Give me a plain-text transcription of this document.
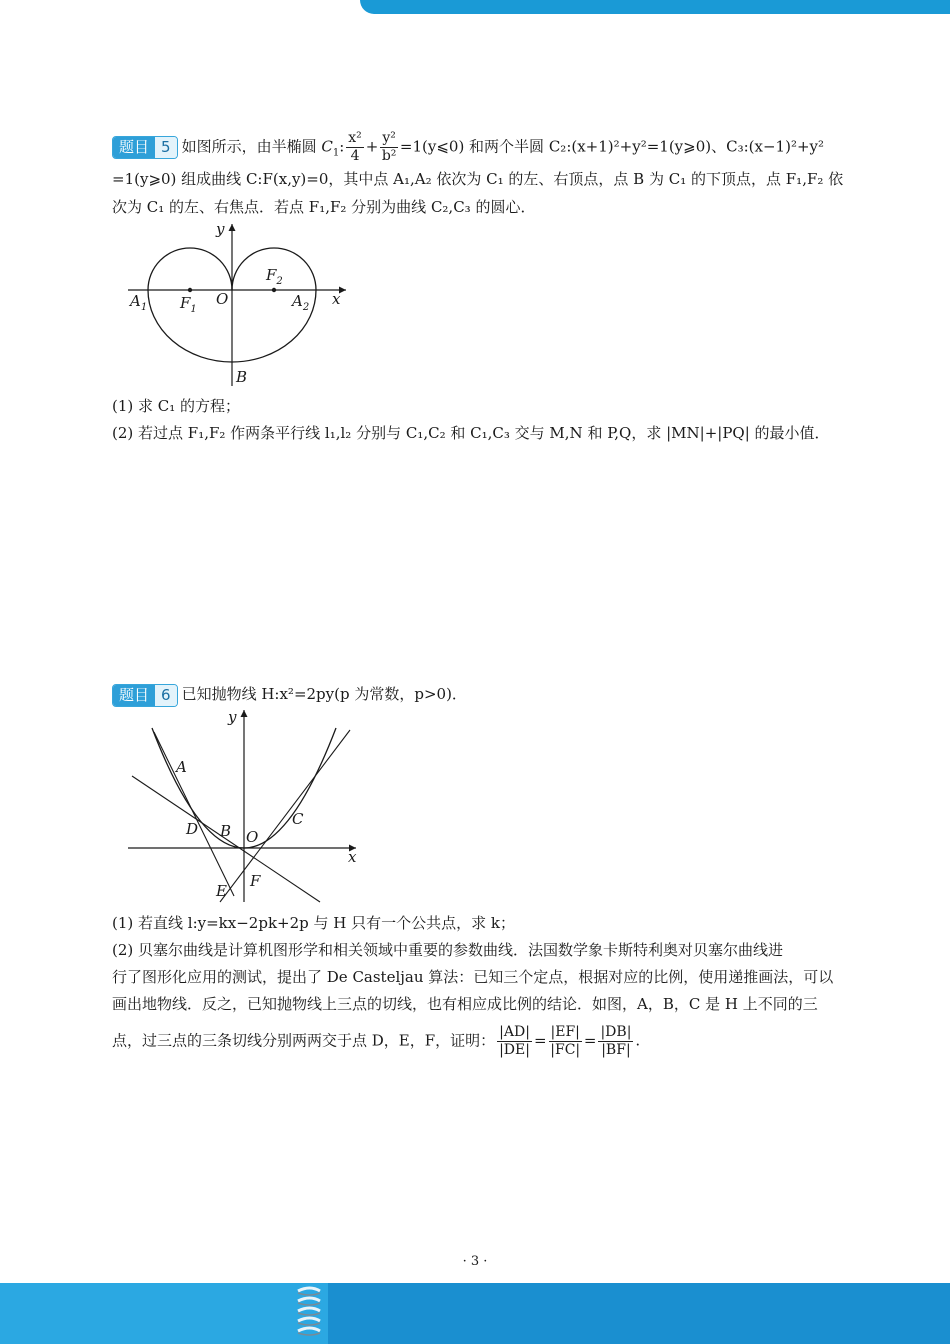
题目 5 如图所示，由半椭圆 $C_1$: $\frac{\text{x²}}{4} + \frac{\text{y²}}{\text{b²}}$ =1(y⩽0) 和两个半圆 C₂:(x+1)²+y²=1(y⩾0)、C₃:(x−1)²+y²
=1(y⩾0) 组成曲线 C:F(x,y)=0，其中点 A₁,A₂ 依次为 C₁ 的左、右顶点，点 B 为 C₁ 的下顶点，点 F₁,F₂ 依
次为 C₁ 的左、右焦点．若点 F₁,F₂ 分别为曲线 C₂,C₃ 的圆心．
y
x
O
$A_1$	$A_2$
$F_1$
$F_2$
B
(1) 求 C₁ 的方程；
(2) 若过点 F₁,F₂ 作两条平行线 l₁,l₂ 分别与 C₁,C₂ 和 C₁,C₃ 交与 M,N 和 P,Q，求 |MN|+|PQ| 的最小值．
题目 6 已知抛物线 H:x²=2py(p 为常数，p>0)．
y
x
O
A
B
C
D
E
F
(1) 若直线 l:y=kx−2pk+2p 与 H 只有一个公共点，求 k；
(2) 贝塞尔曲线是计算机图形学和相关领域中重要的参数曲线．法国数学象卡斯特利奥对贝塞尔曲线进
行了图形化应用的测试，提出了 De Casteljau 算法：已知三个定点，根据对应的比例，使用递推画法，可以
画出地物线．反之，已知抛物线上三点的切线，也有相应成比例的结论．如图，A，B，C 是 H 上不同的三
点，过三点的三条切线分别两两交于点 D，E，F，证明： $\frac{|AD|}{|DE|} = \frac{|EF|}{|FC|} = \frac{|DB|}{|BF|}$ .
· 3 ·
